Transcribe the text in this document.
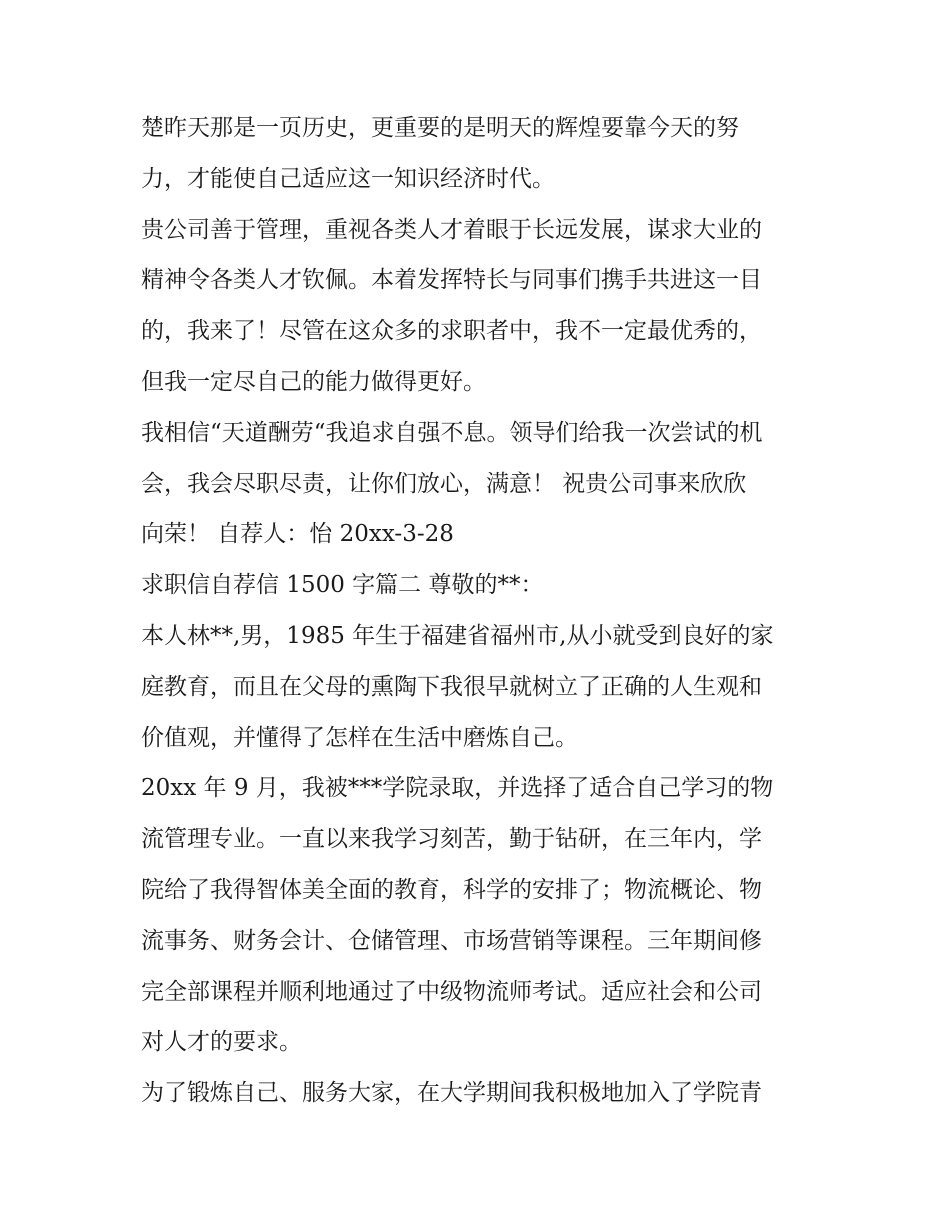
楚昨天那是一页历史，更重要的是明天的辉煌要靠今天的努
力，才能使自己适应这一知识经济时代。
贵公司善于管理，重视各类人才着眼于长远发展，谋求大业的
精神令各类人才钦佩。本着发挥特长与同事们携手共进这一目
的，我来了！尽管在这众多的求职者中，我不一定最优秀的，
但我一定尽自己的能力做得更好。
我相信“天道酬劳“我追求自强不息。领导们给我一次尝试的机
会，我会尽职尽责，让你们放心，满意！ 祝贵公司事来欣欣
向荣！ 自荐人：怡 20xx-3-28
求职信自荐信 1500 字篇二 尊敬的**：
本人林**,男，1985 年生于福建省福州市,从小就受到良好的家
庭教育，而且在父母的熏陶下我很早就树立了正确的人生观和
价值观，并懂得了怎样在生活中磨炼自己。
20xx 年 9 月，我被***学院录取，并选择了适合自己学习的物
流管理专业。一直以来我学习刻苦，勤于钻研，在三年内，学
院给了我得智体美全面的教育，科学的安排了；物流概论、物
流事务、财务会计、仓储管理、市场营销等课程。三年期间修
完全部课程并顺利地通过了中级物流师考试。适应社会和公司
对人才的要求。
为了锻炼自己、服务大家，在大学期间我积极地加入了学院青
